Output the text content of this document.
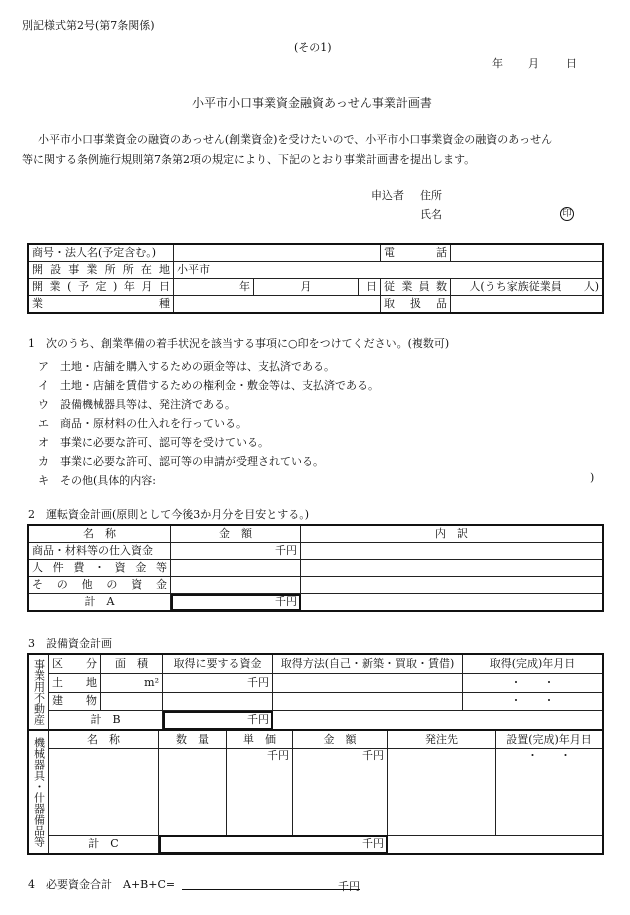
別記様式第2号(第7条関係)
(その1)
年 月 日
小平市小口事業資金融資あっせん事業計画書
小平市小口事業資金の融資のあっせん(創業資金)を受けたいので、小平市小口事業資金の融資のあっせん
等に関する条例施行規則第7条第2項の規定により、下記のとおり事業計画書を提出します。
申込者 住所
氏名	印
商号・法人名(予定含む。)				電　話	
開設事業所所在地	小平市				
開業(予定)年月日	年	月	日	従業員数	人(うち家族従業員　　人)
業種				取扱品	
1　次のうち、創業準備の着手状況を該当する事項に○印をつけてください。(複数可)
ア　土地・店舗を購入するための頭金等は、支払済である。
イ　土地・店舗を賃借するための権利金・敷金等は、支払済である。
ウ　設備機械器具等は、発注済である。
エ　商品・原材料の仕入れを行っている。
オ　事業に必要な許可、認可等を受けている。
カ　事業に必要な許可、認可等の申請が受理されている。
キ　その他(具体的内容:	)
2　運転資金計画(原則として今後3か月分を目安とする。)
名　称	金　額	内　訳
商品・材料等の仕入資金	千円	
人件費・資金等		
その他の資金		
計　A	千円	
3　設備資金計画
事業用不動産	区　分	面　積	取得に要する資金	取得方法(自己・新築・買取・賃借)	取得(完成)年月日
	土　地	m²	千円		・　　・
	建　物				・　　・
	計　B		千円		
機械器具・什器備品等	名　称	数　量	単　価	金　額	発注先	設置(完成)年月日
			千円	千円		・　　・
	計　C	千円				
4　必要資金合計　A+B+C=	千円
